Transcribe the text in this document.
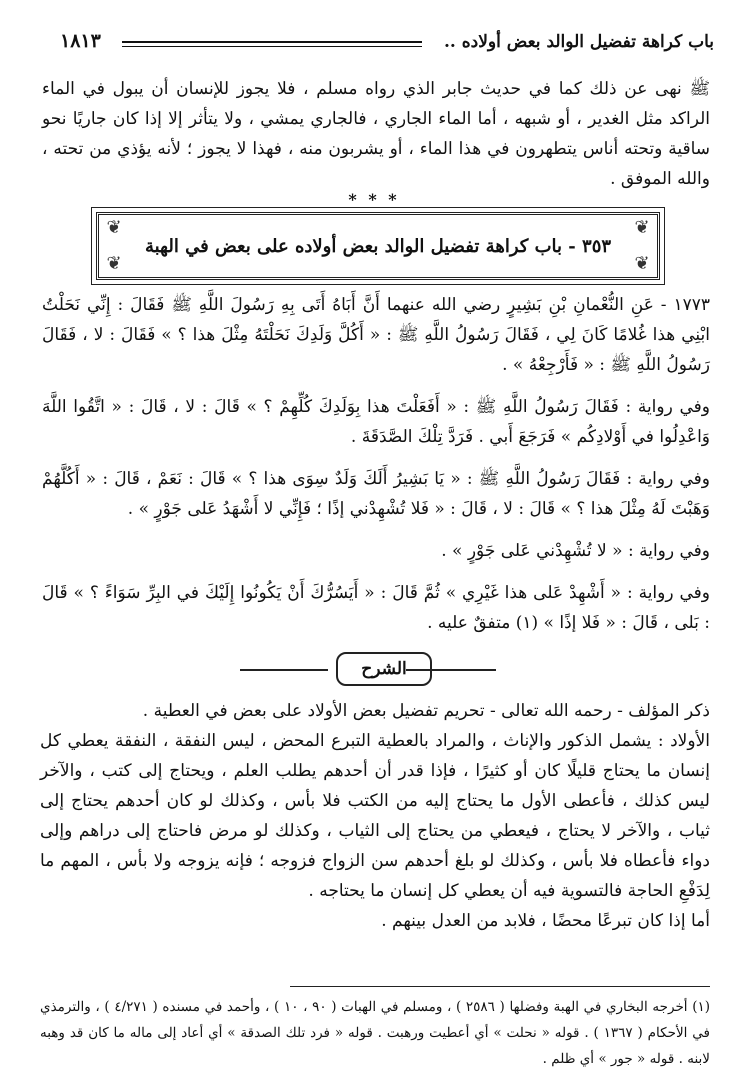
باب كراهة تفضيل الوالد بعض أولاده ..
١٨١٣

ﷺ نهى عن ذلك كما في حديث جابر الذي رواه مسلم ، فلا يجوز للإنسان أن يبول في الماء الراكد مثل الغدير ، أو شبهه ، أما الماء الجاري ، فالجاري يمشي ، ولا يتأثر إلا إذا كان جاريًا نحو ساقية وتحته أناس يتطهرون في هذا الماء ، أو يشربون منه ، فهذا لا يجوز ؛ لأنه يؤذي من تحته ، والله الموفق .

* * *
❦	❦
❦	❦
٣٥٣ - باب كراهة تفضيل الوالد بعض أولاده على بعض في الهبة

١٧٧٣ - عَنِ النُّعْمانِ بْنِ بَشِيرٍ رضي الله عنهما أَنَّ أَبَاهُ أَتَى بِهِ رَسُولَ اللَّهِ ﷺ فَقَالَ : إِنِّي نَحَلْتُ ابْنِي هذا غُلامًا كَانَ لِي ، فَقَالَ رَسُولُ اللَّهِ ﷺ : « أَكُلَّ وَلَدِكَ نَحَلْتَهُ مِثْلَ هذا ؟ » فَقَالَ : لا ، فَقَالَ رَسُولُ اللَّهِ ﷺ : « فَأَرْجِعْهُ » .

وفي رواية : فَقَالَ رَسُولُ اللَّهِ ﷺ : « أَفَعَلْتَ هذا بِوَلَدِكَ كُلِّهِمْ ؟ » قَالَ : لا ، قَالَ : « اتَّقُوا اللَّهَ وَاعْدِلُوا في أَوْلادِكُم » فَرَجَعَ أَبي . فَرَدَّ تِلْكَ الصَّدَقَةَ .

وفي رواية : فَقَالَ رَسُولُ اللَّهِ ﷺ : « يَا بَشِيرُ أَلَكَ وَلَدٌ سِوَى هذا ؟ » قَالَ : نَعَمْ ، قَالَ : « أَكُلَّهُمْ وَهَبْتَ لَهُ مِثْلَ هذا ؟ » قَالَ : لا ، قَالَ : « فَلا تُشْهِدْني إذًا ؛ فَإِنِّي لا أَشْهَدُ عَلى جَوْرٍ » .

وفي رواية : « لا تُشْهِدْني عَلى جَوْرٍ » .

وفي رواية : « أَشْهِدْ عَلى هذا غَيْرِي » ثُمَّ قَالَ : « أَيَسُرُّكَ أَنْ يَكُونُوا إِلَيْكَ في البِرِّ سَوَاءً ؟ » قَالَ : بَلى ، قَالَ : « فَلا إذًا » (١) متفقٌ عليه .

الشرح

ذكر المؤلف - رحمه الله تعالى - تحريم تفضيل بعض الأولاد على بعض في العطية .

الأولاد : يشمل الذكور والإناث ، والمراد بالعطية التبرع المحض ، ليس النفقة ، النفقة يعطي كل إنسان ما يحتاج قليلًا كان أو كثيرًا ، فإذا قدر أن أحدهم يطلب العلم ، ويحتاج إلى كتب ، والآخر ليس كذلك ، فأعطى الأول ما يحتاج إليه من الكتب فلا بأس ، وكذلك لو كان أحدهم يحتاج إلى ثياب ، والآخر لا يحتاج ، فيعطي من يحتاج إلى الثياب ، وكذلك لو مرض فاحتاج إلى دراهم وإلى دواء فأعطاه فلا بأس ، وكذلك لو بلغ أحدهم سن الزواج فزوجه ؛ فإنه يزوجه ولا بأس ، المهم ما لِدَفْعِ الحاجة فالتسوية فيه أن يعطي كل إنسان ما يحتاجه .

أما إذا كان تبرعًا محضًا ، فلابد من العدل بينهم .

(١) أخرجه البخاري في الهبة وفضلها ( ٢٥٨٦ ) ، ومسلم في الهبات ( ٩٠ ، ١٠ ) ، وأحمد في مسنده ( ٤/٢٧١ ) ، والترمذي في الأحكام ( ١٣٦٧ ) . قوله « نحلت » أي أعطيت ورهبت . قوله « فرد تلك الصدقة » أي أعاد إلى ماله ما كان قد وهبه لابنه . قوله « جور » أي ظلم .
